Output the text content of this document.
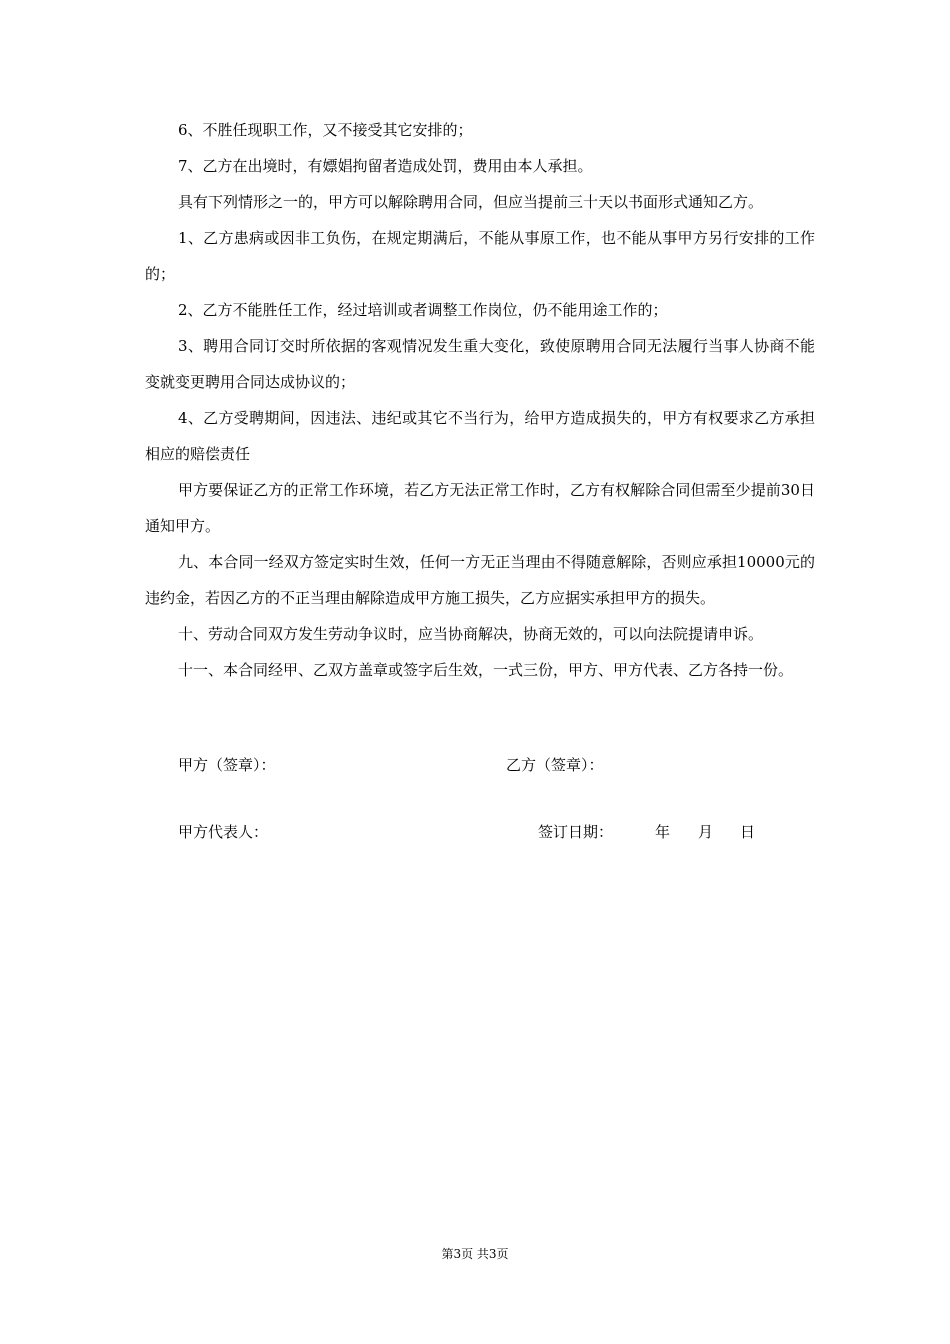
6、不胜任现职工作，又不接受其它安排的；

7、乙方在出境时，有嫖娼拘留者造成处罚，费用由本人承担。

具有下列情形之一的，甲方可以解除聘用合同，但应当提前三十天以书面形式通知乙方。

1、乙方患病或因非工负伤，在规定期满后，不能从事原工作，也不能从事甲方另行安排的工作的；

2、乙方不能胜任工作，经过培训或者调整工作岗位，仍不能用途工作的；

3、聘用合同订交时所依据的客观情况发生重大变化，致使原聘用合同无法履行当事人协商不能变就变更聘用合同达成协议的；

4、乙方受聘期间，因违法、违纪或其它不当行为，给甲方造成损失的，甲方有权要求乙方承担相应的赔偿责任

甲方要保证乙方的正常工作环境，若乙方无法正常工作时，乙方有权解除合同但需至少提前30日通知甲方。

九、本合同一经双方签定实时生效，任何一方无正当理由不得随意解除，否则应承担10000元的违约金，若因乙方的不正当理由解除造成甲方施工损失，乙方应据实承担甲方的损失。

十、劳动合同双方发生劳动争议时，应当协商解决，协商无效的，可以向法院提请申诉。

十一、本合同经甲、乙双方盖章或签字后生效，一式三份，甲方、甲方代表、乙方各持一份。

甲方（签章）：	乙方（签章）：
甲方代表人：	签订日期：	年 月 日
第3页 共3页
